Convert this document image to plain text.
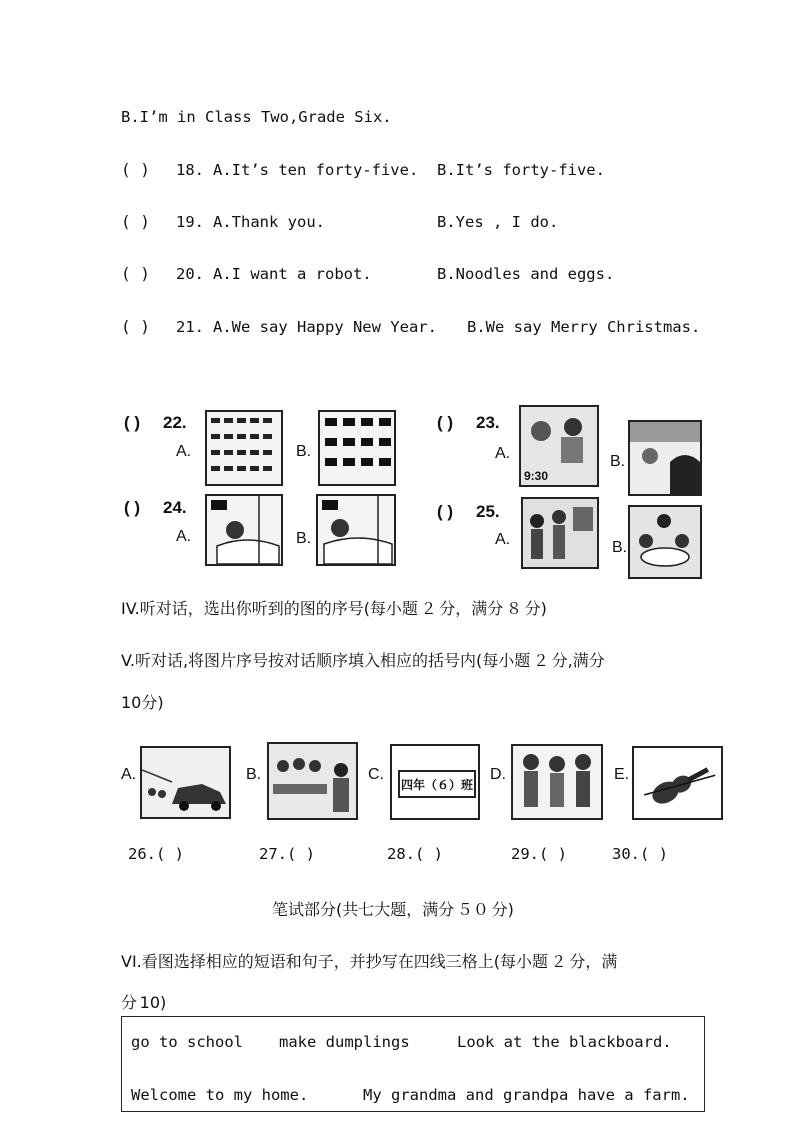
B.I’m in Class Two,Grade Six.
( ) 18. A.It’s ten forty-five. B.It’s forty-five.
( ) 19. A.Thank you.	B.Yes , I do.
( ) 20. A.I want a robot.	B.Noodles and eggs.
( ) 21. A.We say Happy New Year. B.We say Merry Christmas.
( ) 22.
A.	B.
( ) 23.
A.
9:30
B.
( ) 24.
A.	B.
( ) 25.
A.	B.
IV.听对话，选出你听到的图的序号(每小题 ２ 分，满分 ８ 分)
V.听对话,将图片序号按对话顺序填入相应的括号内(每小题 ２ 分,满分
10分)
A.	B.	C.
四年（６）班
D.	E.
26.( )	27.( )	28.( )	29.( )	30.( )
笔试部分(共七大题，满分 ５０ 分)
VI.看图选择相应的短语和句子，并抄写在四线三格上(每小题 ２ 分，满
分 10)
go to school make dumplings	Look at the blackboard.
Welcome to my home.	My grandma and grandpa have a farm.
